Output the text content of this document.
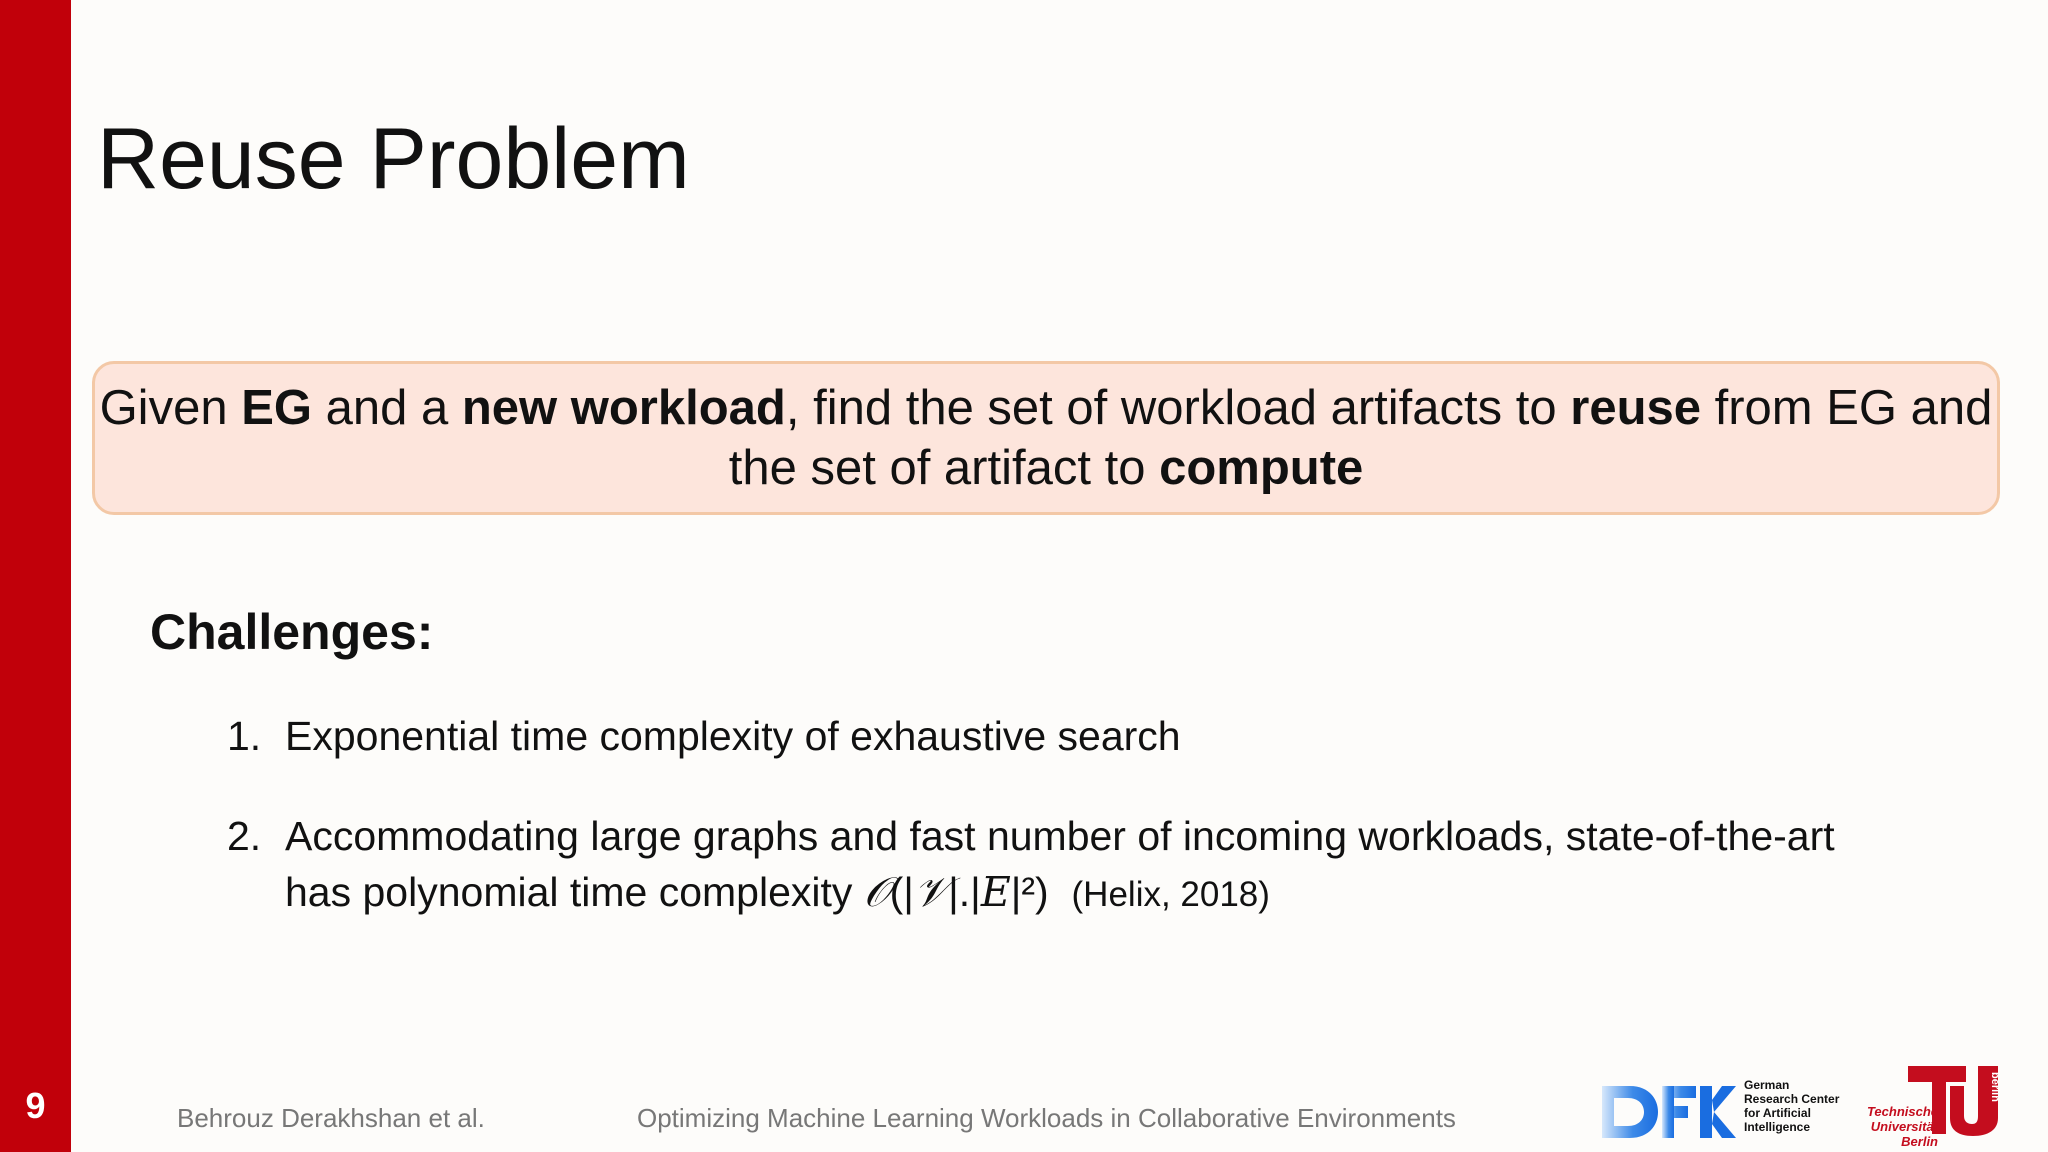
9
Reuse Problem

Given EG and a new workload, find the set of workload artifacts to reuse from EG and the set of artifact to compute

Challenges:
1. Exponential time complexity of exhaustive search
2. Accommodating large graphs and fast number of incoming workloads, state-of-the-art
has polynomial time complexity 𝒪(|𝒱|.|E|²) (Helix, 2018)
Behrouz Derakhshan et al.	Optimizing Machine Learning Workloads in Collaborative Environments
German
Research Center
for Artificial
Intelligence
berlin
Technische
Universität
Berlin
